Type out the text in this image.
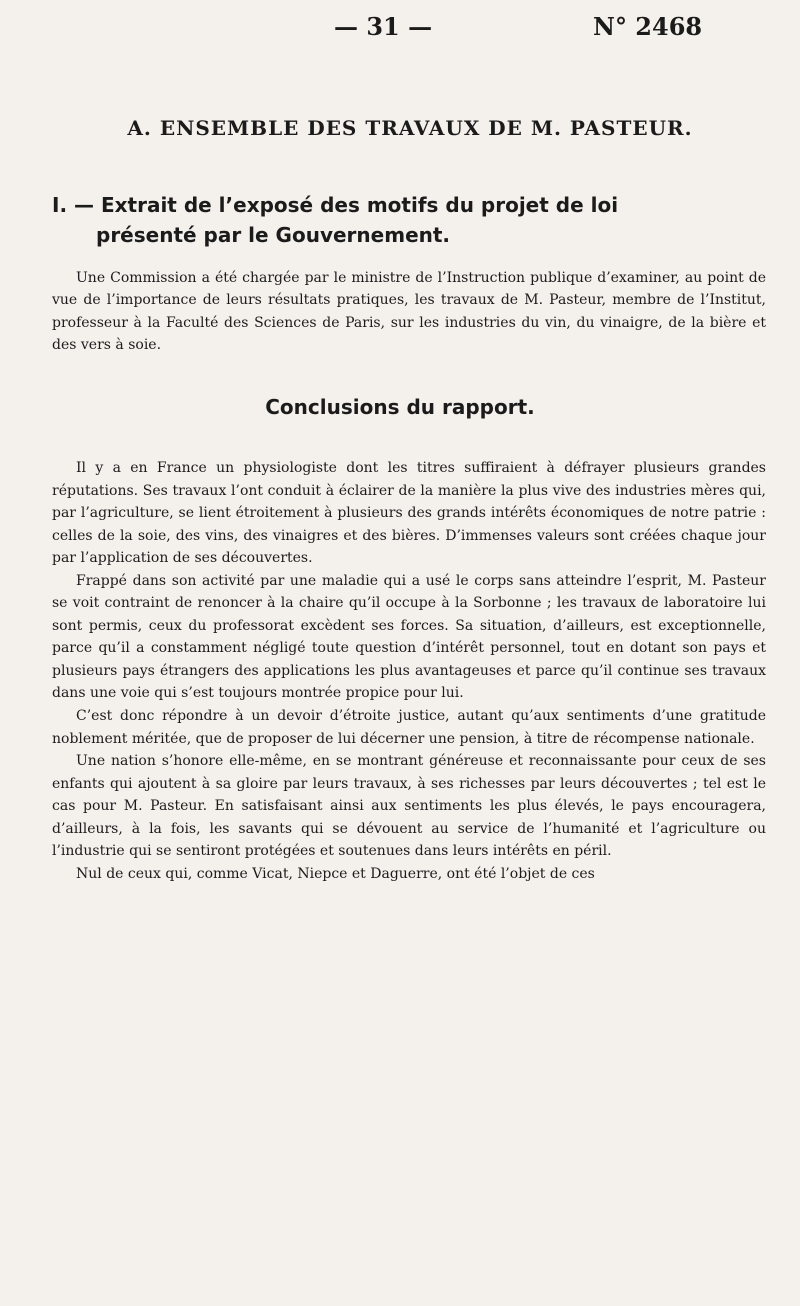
— 31 —	N° 2468
A. ENSEMBLE DES TRAVAUX DE M. PASTEUR.
I. — Extrait de l’exposé des motifs du projet de loi
présenté par le Gouvernement.

Une Commission a été chargée par le ministre de l’Instruction publique d’examiner, au point de vue de l’importance de leurs résultats pratiques, les travaux de M. Pasteur, membre de l’Institut, professeur à la Faculté des Sciences de Paris, sur les industries du vin, du vinaigre, de la bière et des vers à soie.

Conclusions du rapport.

Il y a en France un physiologiste dont les titres suffiraient à défrayer plusieurs grandes réputations. Ses travaux l’ont conduit à éclairer de la manière la plus vive des industries mères qui, par l’agriculture, se lient étroitement à plusieurs des grands intérêts économiques de notre patrie : celles de la soie, des vins, des vinaigres et des bières. D’immenses valeurs sont créées chaque jour par l’application de ses découvertes.

Frappé dans son activité par une maladie qui a usé le corps sans atteindre l’esprit, M. Pasteur se voit contraint de renoncer à la chaire qu’il occupe à la Sorbonne ; les travaux de laboratoire lui sont permis, ceux du professorat excèdent ses forces. Sa situation, d’ailleurs, est exceptionnelle, parce qu’il a constamment négligé toute question d’intérêt personnel, tout en dotant son pays et plusieurs pays étrangers des applications les plus avantageuses et parce qu’il continue ses travaux dans une voie qui s’est toujours montrée propice pour lui.

C’est donc répondre à un devoir d’étroite justice, autant qu’aux sentiments d’une gratitude noblement méritée, que de proposer de lui décerner une pension, à titre de récompense nationale.

Une nation s’honore elle-même, en se montrant généreuse et reconnaissante pour ceux de ses enfants qui ajoutent à sa gloire par leurs travaux, à ses richesses par leurs découvertes ; tel est le cas pour M. Pasteur. En satisfaisant ainsi aux sentiments les plus élevés, le pays encouragera, d’ailleurs, à la fois, les savants qui se dévouent au service de l’humanité et l’agriculture ou l’industrie qui se sentiront protégées et soutenues dans leurs intérêts en péril.

Nul de ceux qui, comme Vicat, Niepce et Daguerre, ont été l’objet de ces
